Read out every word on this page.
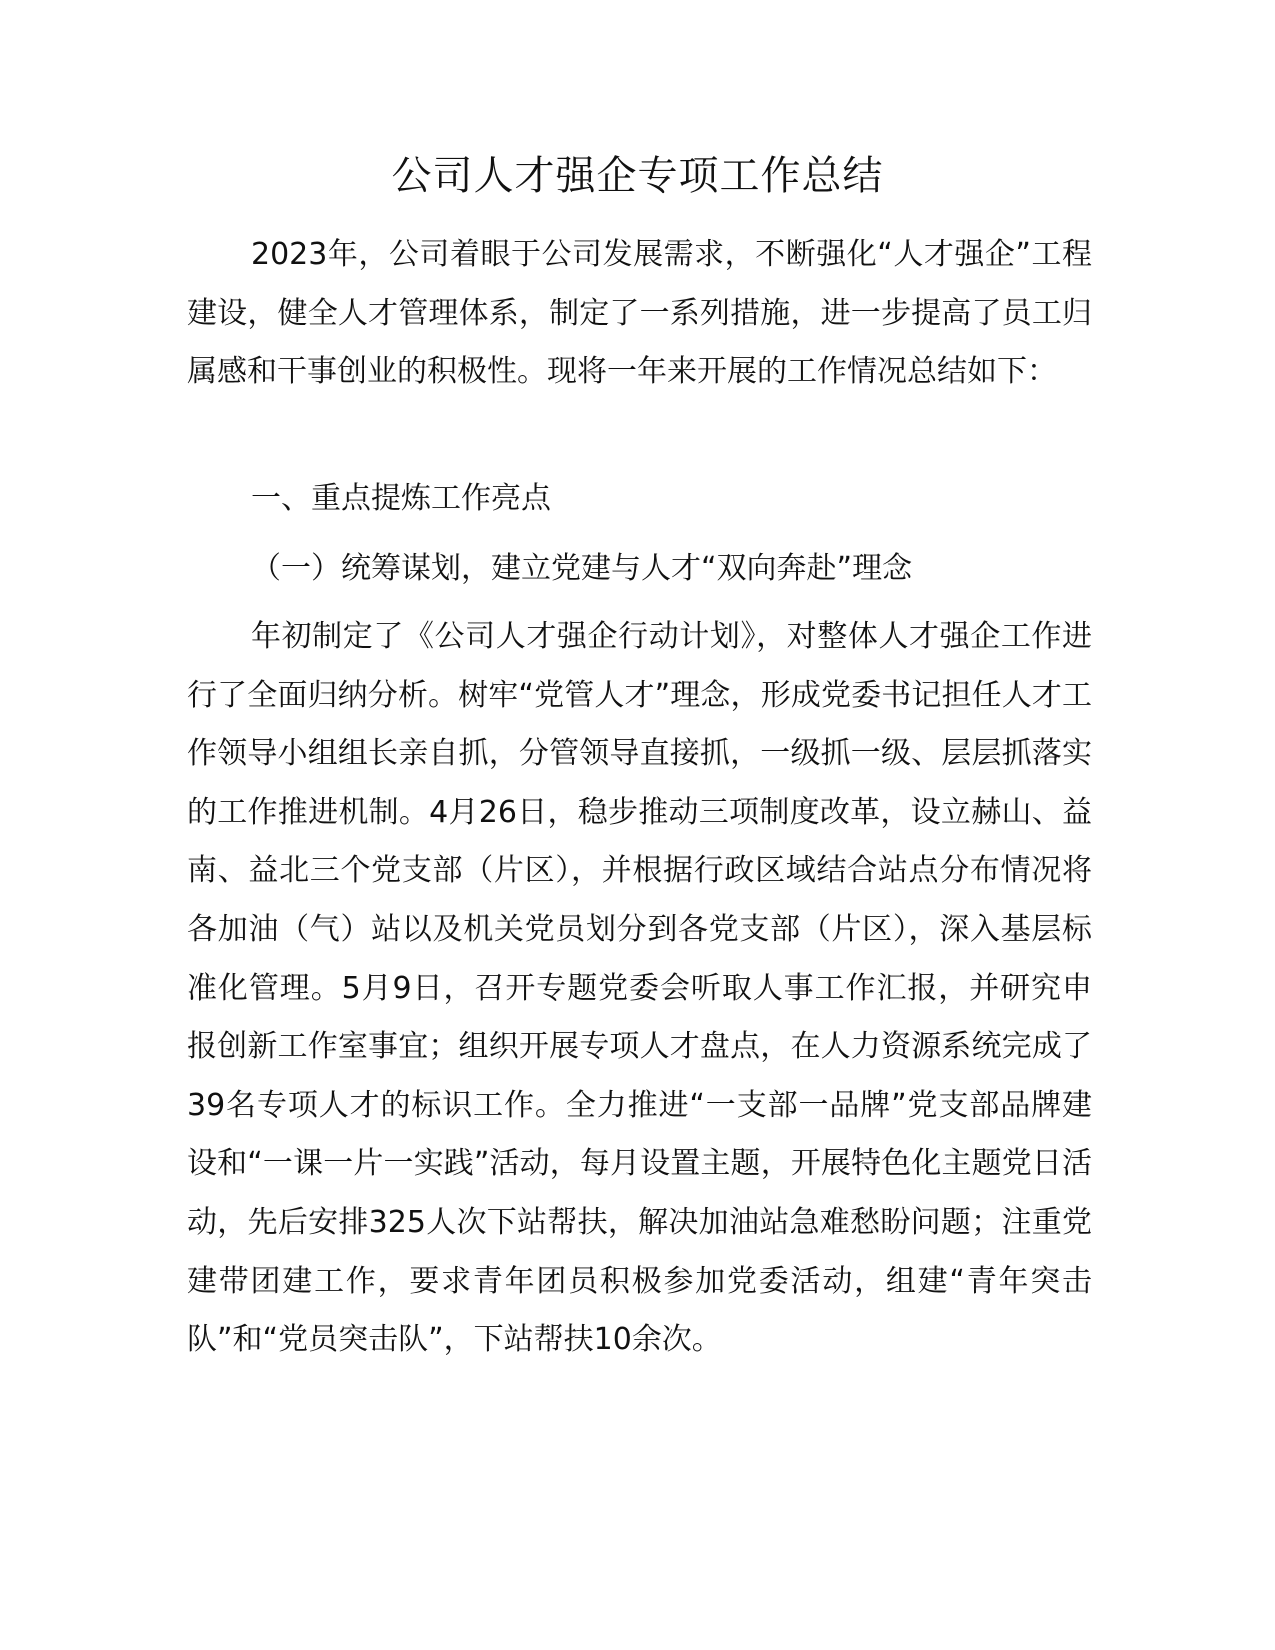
公司人才强企专项工作总结

2023年，公司着眼于公司发展需求，不断强化“人才强企”工程建设，健全人才管理体系，制定了一系列措施，进一步提高了员工归属感和干事创业的积极性。现将一年来开展的工作情况总结如下：

一、重点提炼工作亮点

（一）统筹谋划，建立党建与人才“双向奔赴”理念

年初制定了《公司人才强企行动计划》，对整体人才强企工作进行了全面归纳分析。树牢“党管人才”理念，形成党委书记担任人才工作领导小组组长亲自抓，分管领导直接抓，一级抓一级、层层抓落实的工作推进机制。4月26日，稳步推动三项制度改革，设立赫山、益南、益北三个党支部（片区），并根据行政区域结合站点分布情况将各加油（气）站以及机关党员划分到各党支部（片区），深入基层标准化管理。5月9日，召开专题党委会听取人事工作汇报，并研究申报创新工作室事宜；组织开展专项人才盘点，在人力资源系统完成了39名专项人才的标识工作。全力推进“一支部一品牌”党支部品牌建设和“一课一片一实践”活动，每月设置主题，开展特色化主题党日活动，先后安排325人次下站帮扶，解决加油站急难愁盼问题；注重党建带团建工作，要求青年团员积极参加党委活动，组建“青年突击队”和“党员突击队”，下站帮扶10余次。
